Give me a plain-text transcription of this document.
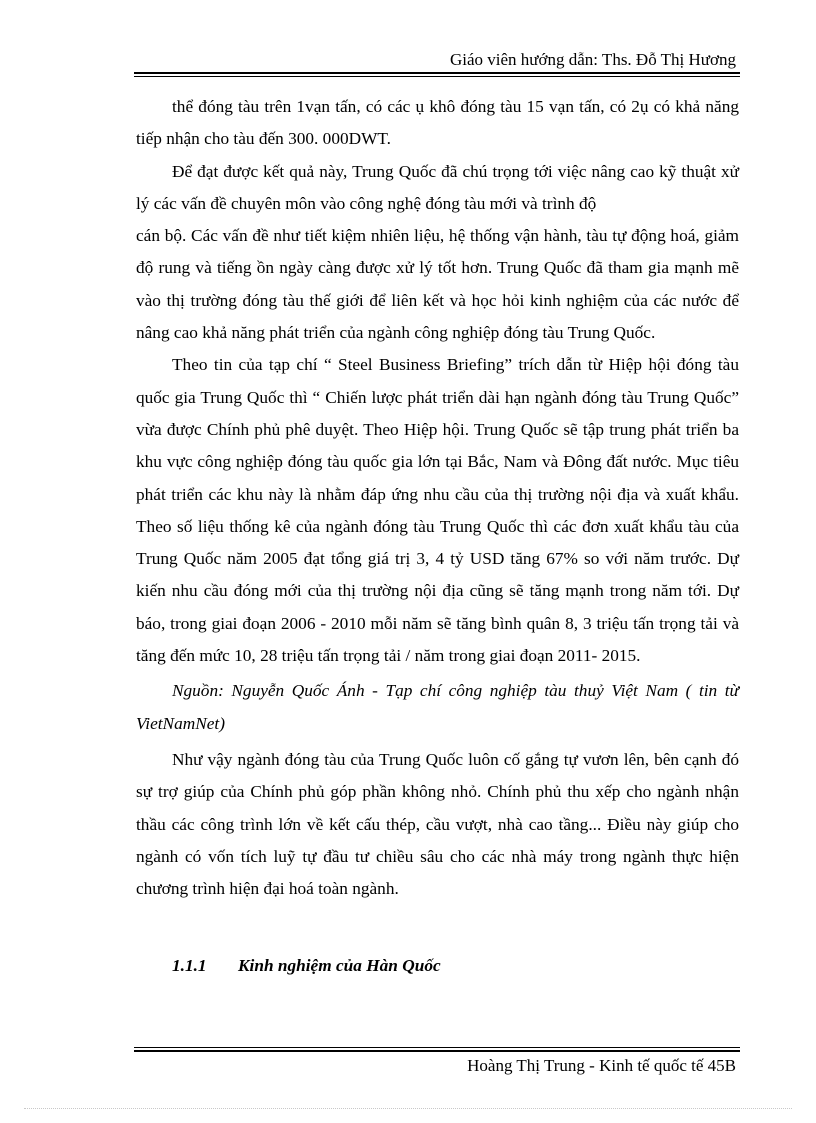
Giáo viên hướng dẫn: Ths. Đỗ Thị Hương

thể đóng tàu trên 1vạn tấn, có các ụ khô đóng tàu 15 vạn tấn, có 2ụ có khả năng tiếp nhận cho tàu đến 300. 000DWT.

Để đạt được kết quả này, Trung Quốc đã chú trọng tới việc nâng cao kỹ thuật xử lý các vấn đề chuyên môn vào công nghệ đóng tàu mới và trình độ

cán bộ. Các vấn đề như tiết kiệm nhiên liệu, hệ thống vận hành, tàu tự động hoá, giảm độ rung và tiếng ồn ngày càng được xử lý tốt hơn. Trung Quốc đã tham gia mạnh mẽ vào thị trường đóng tàu thế giới để liên kết và học hỏi kinh nghiệm của các nước để nâng cao khả năng phát triển của ngành công nghiệp đóng tàu Trung Quốc.

Theo tin của tạp chí “ Steel Business Briefing” trích dẫn từ Hiệp hội đóng tàu quốc gia Trung Quốc thì “ Chiến lược phát triển dài hạn ngành đóng tàu Trung Quốc” vừa được Chính phủ phê duyệt. Theo Hiệp hội. Trung Quốc sẽ tập trung phát triển ba khu vực công nghiệp đóng tàu quốc gia lớn tại Bắc, Nam và Đông đất nước. Mục tiêu phát triển các khu này là nhằm đáp ứng nhu cầu của thị trường nội địa và xuất khẩu. Theo số liệu thống kê của ngành đóng tàu Trung Quốc thì các đơn xuất khẩu tàu của Trung Quốc năm 2005 đạt tổng giá trị 3, 4 tỷ USD tăng 67% so với năm trước. Dự kiến nhu cầu đóng mới của thị trường nội địa cũng sẽ tăng mạnh trong năm tới. Dự báo, trong giai đoạn 2006 - 2010 mỗi năm sẽ tăng bình quân 8, 3 triệu tấn trọng tải và tăng đến mức 10, 28 triệu tấn trọng tải / năm trong giai đoạn 2011- 2015.

Nguồn: Nguyễn Quốc Ánh - Tạp chí công nghiệp tàu thuỷ Việt Nam ( tin từ VietNamNet)

Như vậy ngành đóng tàu của Trung Quốc luôn cố gắng tự vươn lên, bên cạnh đó sự trợ giúp của Chính phủ góp phần không nhỏ. Chính phủ thu xếp cho ngành nhận thầu các công trình lớn về kết cấu thép, cầu vượt, nhà cao tầng... Điều này giúp cho ngành có vốn tích luỹ tự đầu tư chiều sâu cho các nhà máy trong ngành thực hiện chương trình hiện đại hoá toàn ngành.

1.1.1 Kinh nghiệm của Hàn Quốc
Hoàng Thị Trung - Kinh tế quốc tế 45B
